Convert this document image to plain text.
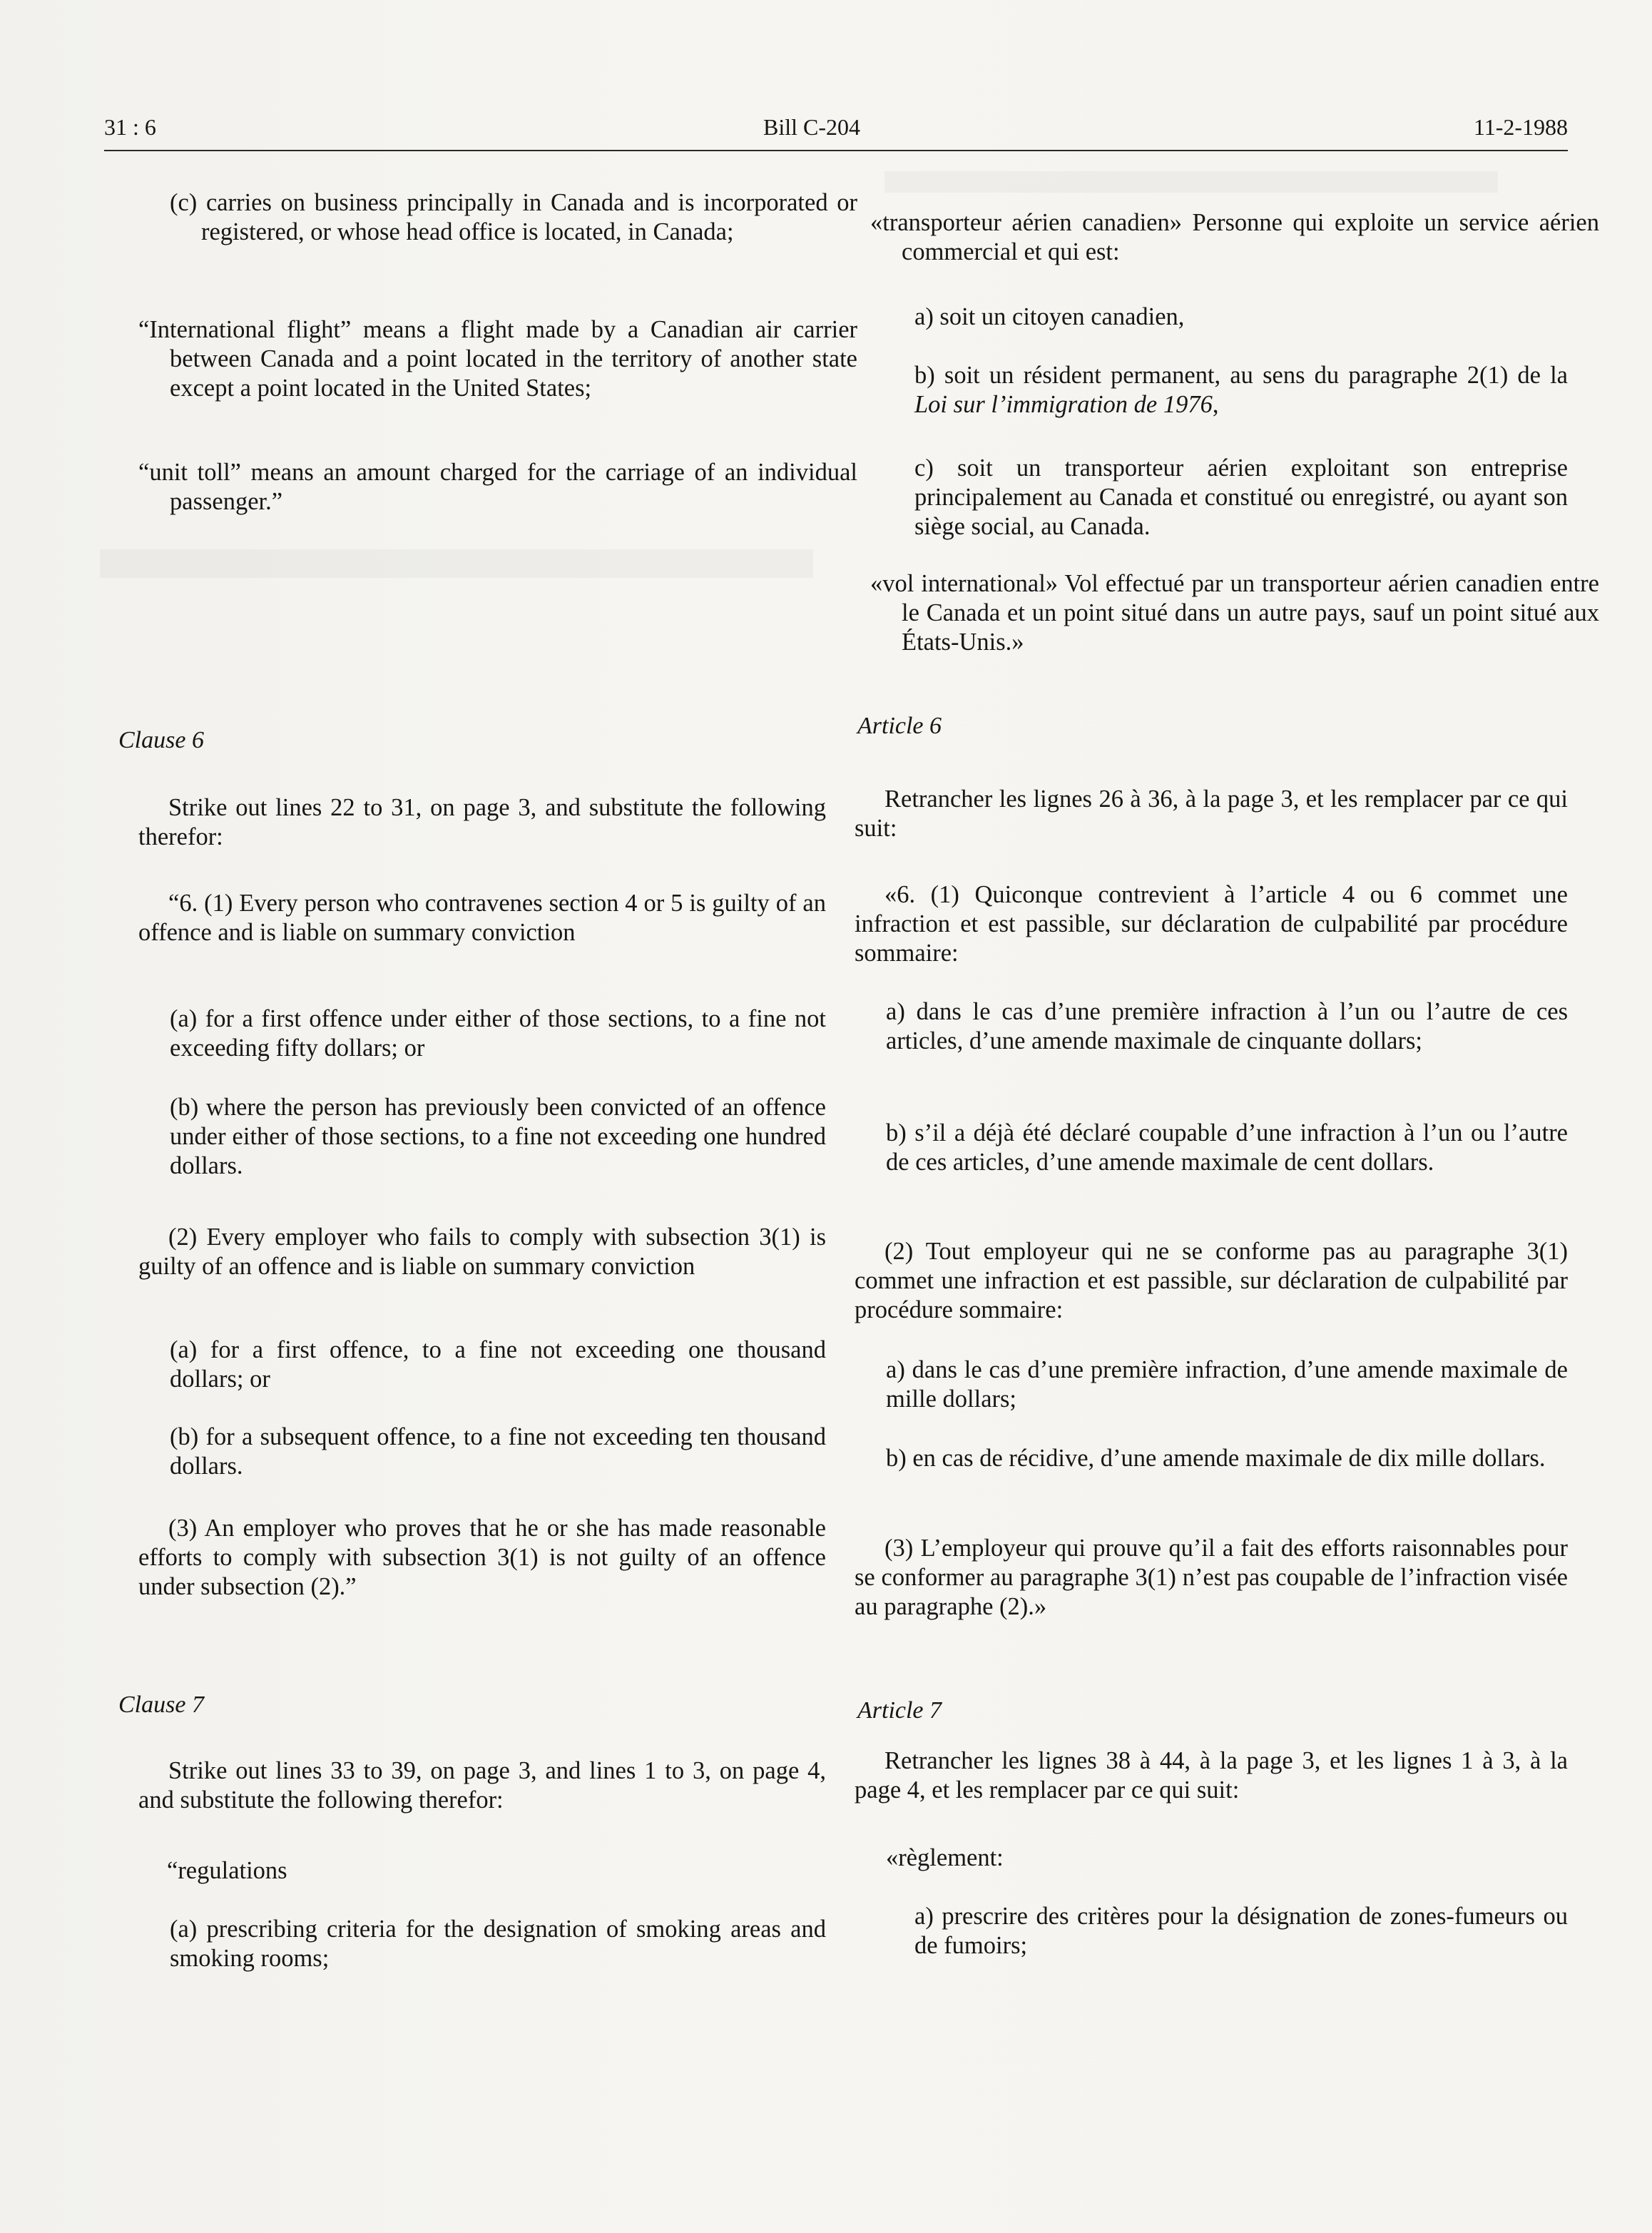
31 : 6	Bill C-204	11-2-1988

(c) carries on business principally in Canada and is incorporated or registered, or whose head office is located, in Canada;

“International flight” means a flight made by a Canadian air carrier between Canada and a point located in the territory of another state except a point located in the United States;

“unit toll” means an amount charged for the carriage of an individual passenger.”

Clause 6

Strike out lines 22 to 31, on page 3, and substitute the following therefor:

“6. (1) Every person who contravenes section 4 or 5 is guilty of an offence and is liable on summary conviction

(a) for a first offence under either of those sections, to a fine not exceeding fifty dollars; or

(b) where the person has previously been convicted of an offence under either of those sections, to a fine not exceeding one hundred dollars.

(2) Every employer who fails to comply with subsection 3(1) is guilty of an offence and is liable on summary conviction

(a) for a first offence, to a fine not exceeding one thousand dollars; or

(b) for a subsequent offence, to a fine not exceeding ten thousand dollars.

(3) An employer who proves that he or she has made reasonable efforts to comply with subsection 3(1) is not guilty of an offence under subsection (2).”

Clause 7

Strike out lines 33 to 39, on page 3, and lines 1 to 3, on page 4, and substitute the following therefor:

“regulations

(a) prescribing criteria for the designation of smoking areas and smoking rooms;

«transporteur aérien canadien» Personne qui exploite un service aérien commercial et qui est:

a) soit un citoyen canadien,

b) soit un résident permanent, au sens du paragraphe 2(1) de la Loi sur l’immigration de 1976,

c) soit un transporteur aérien exploitant son entreprise principalement au Canada et constitué ou enregistré, ou ayant son siège social, au Canada.

«vol international» Vol effectué par un transporteur aérien canadien entre le Canada et un point situé dans un autre pays, sauf un point situé aux États-Unis.»

Article 6

Retrancher les lignes 26 à 36, à la page 3, et les remplacer par ce qui suit:

«6. (1) Quiconque contrevient à l’article 4 ou 6 commet une infraction et est passible, sur déclaration de culpabilité par procédure sommaire:

a) dans le cas d’une première infraction à l’un ou l’autre de ces articles, d’une amende maximale de cinquante dollars;

b) s’il a déjà été déclaré coupable d’une infraction à l’un ou l’autre de ces articles, d’une amende maximale de cent dollars.

(2) Tout employeur qui ne se conforme pas au paragraphe 3(1) commet une infraction et est passible, sur déclaration de culpabilité par procédure sommaire:

a) dans le cas d’une première infraction, d’une amende maximale de mille dollars;

b) en cas de récidive, d’une amende maximale de dix mille dollars.

(3) L’employeur qui prouve qu’il a fait des efforts raisonnables pour se conformer au paragraphe 3(1) n’est pas coupable de l’infraction visée au paragraphe (2).»

Article 7

Retrancher les lignes 38 à 44, à la page 3, et les lignes 1 à 3, à la page 4, et les remplacer par ce qui suit:

«règlement:

a) prescrire des critères pour la désignation de zones-fumeurs ou de fumoirs;
